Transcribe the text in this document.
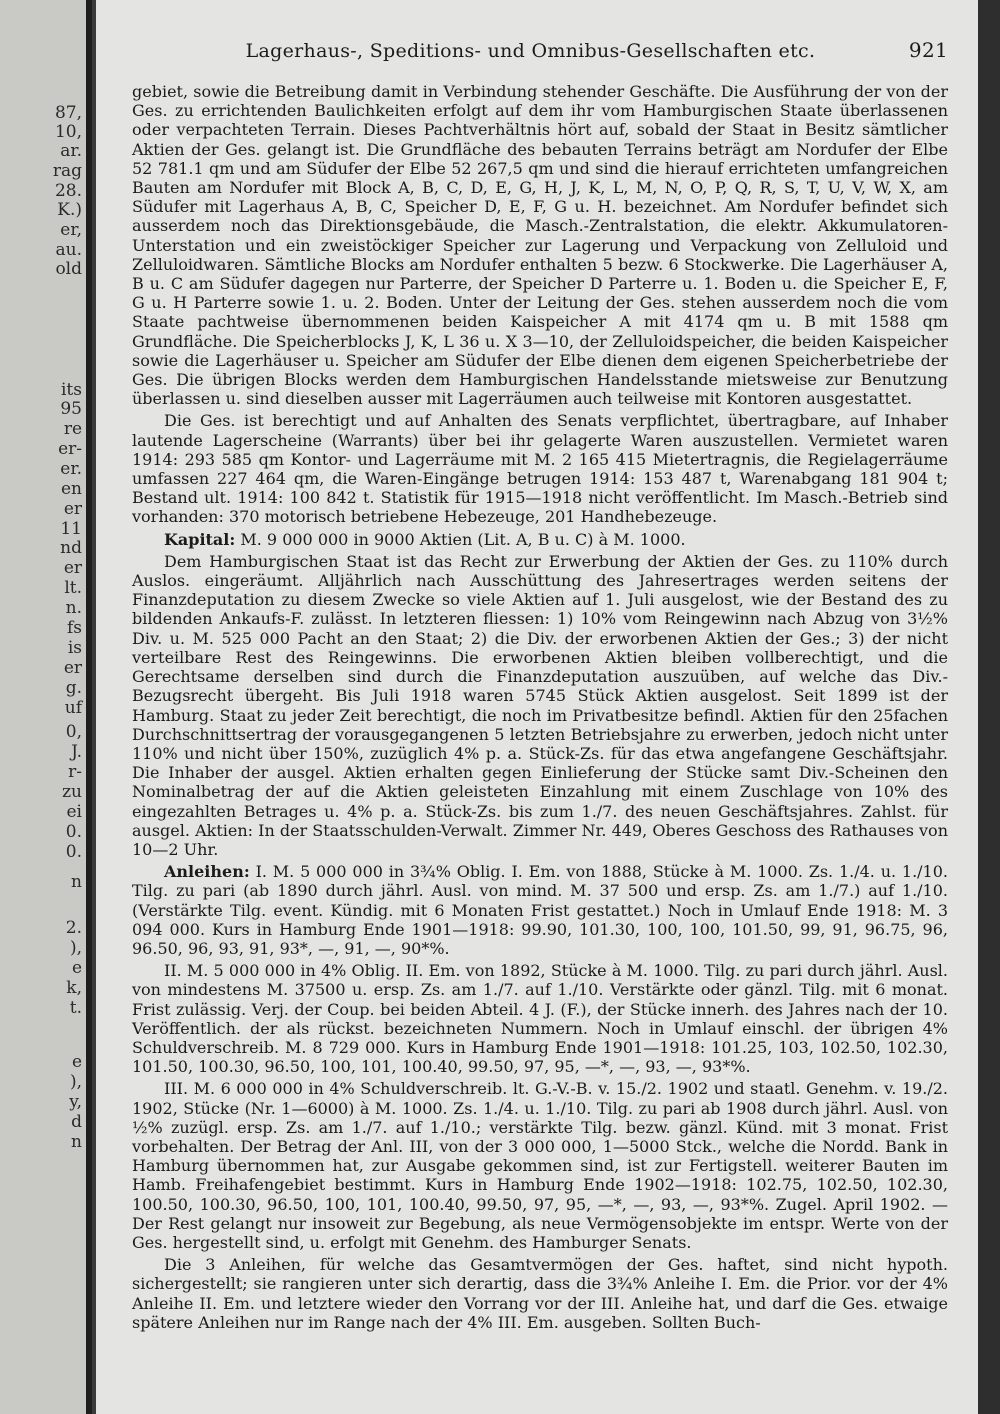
87,
10,
ar.
rag
28.
K.)
er,
au.
old
its
95
re
er-
er.
en
er
11
nd
er
lt.
n.
fs
is
er
g.
uf
0,
J.
r-
zu
ei
0.
0.
n
2.
),
e
k,
t.
e
),
y,
d
n
Lagerhaus-, Speditions- und Omnibus-Gesellschaften etc.	921

gebiet, sowie die Betreibung damit in Verbindung stehender Geschäfte. Die Ausführung der von der Ges. zu errichtenden Baulichkeiten erfolgt auf dem ihr vom Hamburgischen Staate überlassenen oder verpachteten Terrain. Dieses Pachtverhältnis hört auf, sobald der Staat in Besitz sämtlicher Aktien der Ges. gelangt ist. Die Grundfläche des bebauten Terrains beträgt am Nordufer der Elbe 52 781.1 qm und am Südufer der Elbe 52 267,5 qm und sind die hierauf errichteten umfangreichen Bauten am Nordufer mit Block A, B, C, D, E, G, H, J, K, L, M, N, O, P, Q, R, S, T, U, V, W, X, am Südufer mit Lagerhaus A, B, C, Speicher D, E, F, G u. H. bezeichnet. Am Nordufer befindet sich ausserdem noch das Direktionsgebäude, die Masch.-Zentralstation, die elektr. Akkumulatoren-Unterstation und ein zweistöckiger Speicher zur Lagerung und Verpackung von Zelluloid und Zelluloidwaren. Sämtliche Blocks am Nordufer enthalten 5 bezw. 6 Stockwerke. Die Lagerhäuser A, B u. C am Südufer dagegen nur Parterre, der Speicher D Parterre u. 1. Boden u. die Speicher E, F, G u. H Parterre sowie 1. u. 2. Boden. Unter der Leitung der Ges. stehen ausserdem noch die vom Staate pachtweise übernommenen beiden Kaispeicher A mit 4174 qm u. B mit 1588 qm Grundfläche. Die Speicherblocks J, K, L 36 u. X 3—10, der Zelluloidspeicher, die beiden Kaispeicher sowie die Lagerhäuser u. Speicher am Südufer der Elbe dienen dem eigenen Speicherbetriebe der Ges. Die übrigen Blocks werden dem Hamburgischen Handelsstande mietsweise zur Benutzung überlassen u. sind dieselben ausser mit Lagerräumen auch teilweise mit Kontoren ausgestattet.

Die Ges. ist berechtigt und auf Anhalten des Senats verpflichtet, übertragbare, auf Inhaber lautende Lagerscheine (Warrants) über bei ihr gelagerte Waren auszustellen. Vermietet waren 1914: 293 585 qm Kontor- und Lagerräume mit M. 2 165 415 Mietertragnis, die Regielagerräume umfassen 227 464 qm, die Waren-Eingänge betrugen 1914: 153 487 t, Warenabgang 181 904 t; Bestand ult. 1914: 100 842 t. Statistik für 1915—1918 nicht veröffentlicht. Im Masch.-Betrieb sind vorhanden: 370 motorisch betriebene Hebezeuge, 201 Handhebezeuge.

Kapital: M. 9 000 000 in 9000 Aktien (Lit. A, B u. C) à M. 1000.

Dem Hamburgischen Staat ist das Recht zur Erwerbung der Aktien der Ges. zu 110% durch Auslos. eingeräumt. Alljährlich nach Ausschüttung des Jahresertrages werden seitens der Finanzdeputation zu diesem Zwecke so viele Aktien auf 1. Juli ausgelost, wie der Bestand des zu bildenden Ankaufs-F. zulässt. In letzteren fliessen: 1) 10% vom Reingewinn nach Abzug von 3½% Div. u. M. 525 000 Pacht an den Staat; 2) die Div. der erworbenen Aktien der Ges.; 3) der nicht verteilbare Rest des Reingewinns. Die erworbenen Aktien bleiben vollberechtigt, und die Gerechtsame derselben sind durch die Finanzdeputation auszuüben, auf welche das Div.-Bezugsrecht übergeht. Bis Juli 1918 waren 5745 Stück Aktien ausgelost. Seit 1899 ist der Hamburg. Staat zu jeder Zeit berechtigt, die noch im Privatbesitze befindl. Aktien für den 25fachen Durchschnittsertrag der vorausgegangenen 5 letzten Betriebsjahre zu erwerben, jedoch nicht unter 110% und nicht über 150%, zuzüglich 4% p. a. Stück-Zs. für das etwa angefangene Geschäftsjahr. Die Inhaber der ausgel. Aktien erhalten gegen Einlieferung der Stücke samt Div.-Scheinen den Nominalbetrag der auf die Aktien geleisteten Einzahlung mit einem Zuschlage von 10% des eingezahlten Betrages u. 4% p. a. Stück-Zs. bis zum 1./7. des neuen Geschäftsjahres. Zahlst. für ausgel. Aktien: In der Staatsschulden-Verwalt. Zimmer Nr. 449, Oberes Geschoss des Rathauses von 10—2 Uhr.

Anleihen: I. M. 5 000 000 in 3¾% Oblig. I. Em. von 1888, Stücke à M. 1000. Zs. 1./4. u. 1./10. Tilg. zu pari (ab 1890 durch jährl. Ausl. von mind. M. 37 500 und ersp. Zs. am 1./7.) auf 1./10. (Verstärkte Tilg. event. Kündig. mit 6 Monaten Frist gestattet.) Noch in Umlauf Ende 1918: M. 3 094 000. Kurs in Hamburg Ende 1901—1918: 99.90, 101.30, 100, 100, 101.50, 99, 91, 96.75, 96, 96.50, 96, 93, 91, 93*, —, 91, —, 90*%.

II. M. 5 000 000 in 4% Oblig. II. Em. von 1892, Stücke à M. 1000. Tilg. zu pari durch jährl. Ausl. von mindestens M. 37500 u. ersp. Zs. am 1./7. auf 1./10. Verstärkte oder gänzl. Tilg. mit 6 monat. Frist zulässig. Verj. der Coup. bei beiden Abteil. 4 J. (F.), der Stücke innerh. des Jahres nach der 10. Veröffentlich. der als rückst. bezeichneten Nummern. Noch in Umlauf einschl. der übrigen 4% Schuldverschreib. M. 8 729 000. Kurs in Hamburg Ende 1901—1918: 101.25, 103, 102.50, 102.30, 101.50, 100.30, 96.50, 100, 101, 100.40, 99.50, 97, 95, —*, —, 93, —, 93*%.

III. M. 6 000 000 in 4% Schuldverschreib. lt. G.-V.-B. v. 15./2. 1902 und staatl. Genehm. v. 19./2. 1902, Stücke (Nr. 1—6000) à M. 1000. Zs. 1./4. u. 1./10. Tilg. zu pari ab 1908 durch jährl. Ausl. von ½% zuzügl. ersp. Zs. am 1./7. auf 1./10.; verstärkte Tilg. bezw. gänzl. Künd. mit 3 monat. Frist vorbehalten. Der Betrag der Anl. III, von der 3 000 000, 1—5000 Stck., welche die Nordd. Bank in Hamburg übernommen hat, zur Ausgabe gekommen sind, ist zur Fertigstell. weiterer Bauten im Hamb. Freihafengebiet bestimmt. Kurs in Hamburg Ende 1902—1918: 102.75, 102.50, 102.30, 100.50, 100.30, 96.50, 100, 101, 100.40, 99.50, 97, 95, —*, —, 93, —, 93*%. Zugel. April 1902. — Der Rest gelangt nur insoweit zur Begebung, als neue Vermögensobjekte im entspr. Werte von der Ges. hergestellt sind, u. erfolgt mit Genehm. des Hamburger Senats.

Die 3 Anleihen, für welche das Gesamtvermögen der Ges. haftet, sind nicht hypoth. sichergestellt; sie rangieren unter sich derartig, dass die 3¾% Anleihe I. Em. die Prior. vor der 4% Anleihe II. Em. und letztere wieder den Vorrang vor der III. Anleihe hat, und darf die Ges. etwaige spätere Anleihen nur im Range nach der 4% III. Em. ausgeben. Sollten Buch-
